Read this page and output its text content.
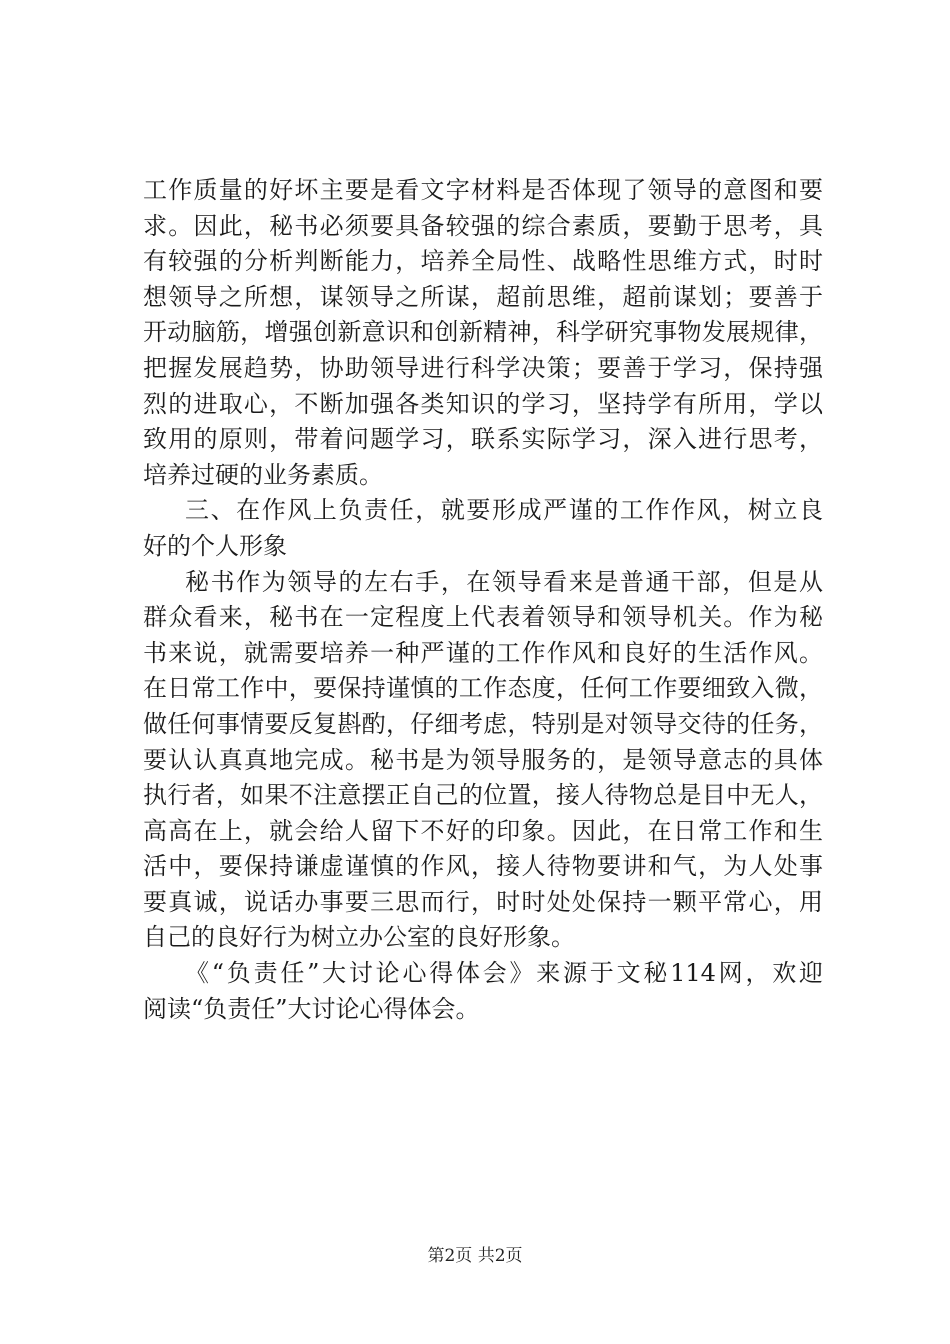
工作质量的好坏主要是看文字材料是否体现了领导的意图和要
求。因此，秘书必须要具备较强的综合素质，要勤于思考，具
有较强的分析判断能力，培养全局性、战略性思维方式，时时
想领导之所想，谋领导之所谋，超前思维，超前谋划；要善于
开动脑筋，增强创新意识和创新精神，科学研究事物发展规律，
把握发展趋势，协助领导进行科学决策；要善于学习，保持强
烈的进取心，不断加强各类知识的学习，坚持学有所用，学以
致用的原则，带着问题学习，联系实际学习，深入进行思考，
培养过硬的业务素质。
三、在作风上负责任，就要形成严谨的工作作风，树立良
好的个人形象
秘书作为领导的左右手，在领导看来是普通干部，但是从
群众看来，秘书在一定程度上代表着领导和领导机关。作为秘
书来说，就需要培养一种严谨的工作作风和良好的生活作风。
在日常工作中，要保持谨慎的工作态度，任何工作要细致入微，
做任何事情要反复斟酌，仔细考虑，特别是对领导交待的任务，
要认认真真地完成。秘书是为领导服务的，是领导意志的具体
执行者，如果不注意摆正自己的位置，接人待物总是目中无人，
高高在上，就会给人留下不好的印象。因此，在日常工作和生
活中，要保持谦虚谨慎的作风，接人待物要讲和气，为人处事
要真诚，说话办事要三思而行，时时处处保持一颗平常心，用
自己的良好行为树立办公室的良好形象。
《“负责任”大讨论心得体会》来源于文秘114网，欢迎
阅读“负责任”大讨论心得体会。
第2页 共2页
